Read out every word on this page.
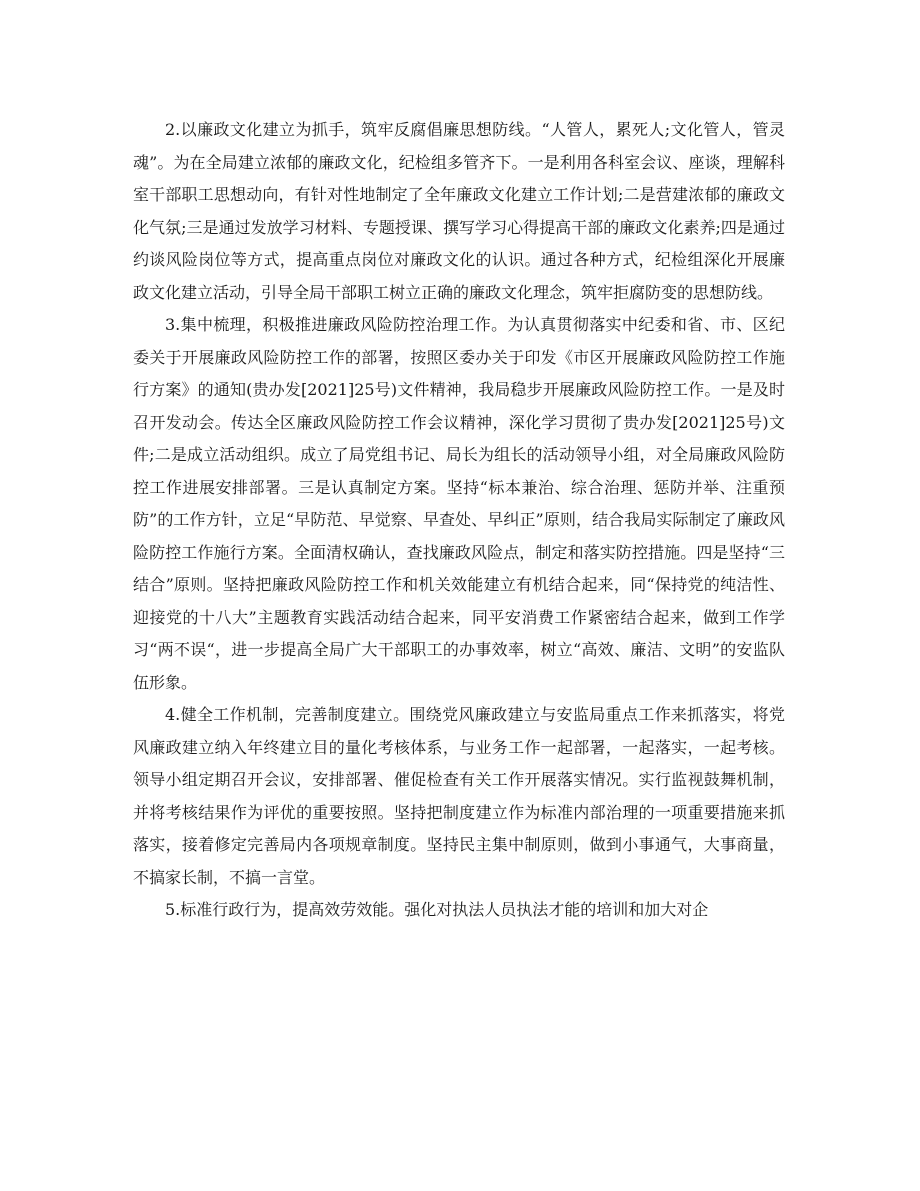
2.以廉政文化建立为抓手，筑牢反腐倡廉思想防线。“人管人，累死人;文化管人，管灵魂”。为在全局建立浓郁的廉政文化，纪检组多管齐下。一是利用各科室会议、座谈，理解科室干部职工思想动向，有针对性地制定了全年廉政文化建立工作计划;二是营建浓郁的廉政文化气氛;三是通过发放学习材料、专题授课、撰写学习心得提高干部的廉政文化素养;四是通过约谈风险岗位等方式，提高重点岗位对廉政文化的认识。通过各种方式，纪检组深化开展廉政文化建立活动，引导全局干部职工树立正确的廉政文化理念，筑牢拒腐防变的思想防线。

3.集中梳理，积极推进廉政风险防控治理工作。为认真贯彻落实中纪委和省、市、区纪委关于开展廉政风险防控工作的部署，按照区委办关于印发《市区开展廉政风险防控工作施行方案》的通知(贵办发[2021]25号)文件精神，我局稳步开展廉政风险防控工作。一是及时召开发动会。传达全区廉政风险防控工作会议精神，深化学习贯彻了贵办发[2021]25号)文件;二是成立活动组织。成立了局党组书记、局长为组长的活动领导小组，对全局廉政风险防控工作进展安排部署。三是认真制定方案。坚持“标本兼治、综合治理、惩防并举、注重预防”的工作方针，立足“早防范、早觉察、早查处、早纠正”原则，结合我局实际制定了廉政风险防控工作施行方案。全面清权确认，查找廉政风险点，制定和落实防控措施。四是坚持“三结合”原则。坚持把廉政风险防控工作和机关效能建立有机结合起来，同“保持党的纯洁性、迎接党的十八大”主题教育实践活动结合起来，同平安消费工作紧密结合起来，做到工作学习“两不误“，进一步提高全局广大干部职工的办事效率，树立“高效、廉洁、文明”的安监队伍形象。

4.健全工作机制，完善制度建立。围绕党风廉政建立与安监局重点工作来抓落实，将党风廉政建立纳入年终建立目的量化考核体系，与业务工作一起部署，一起落实，一起考核。领导小组定期召开会议，安排部署、催促检查有关工作开展落实情况。实行监视鼓舞机制，并将考核结果作为评优的重要按照。坚持把制度建立作为标准内部治理的一项重要措施来抓落实，接着修定完善局内各项规章制度。坚持民主集中制原则，做到小事通气，大事商量，不搞家长制，不搞一言堂。

5.标准行政行为，提高效劳效能。强化对执法人员执法才能的培训和加大对企
